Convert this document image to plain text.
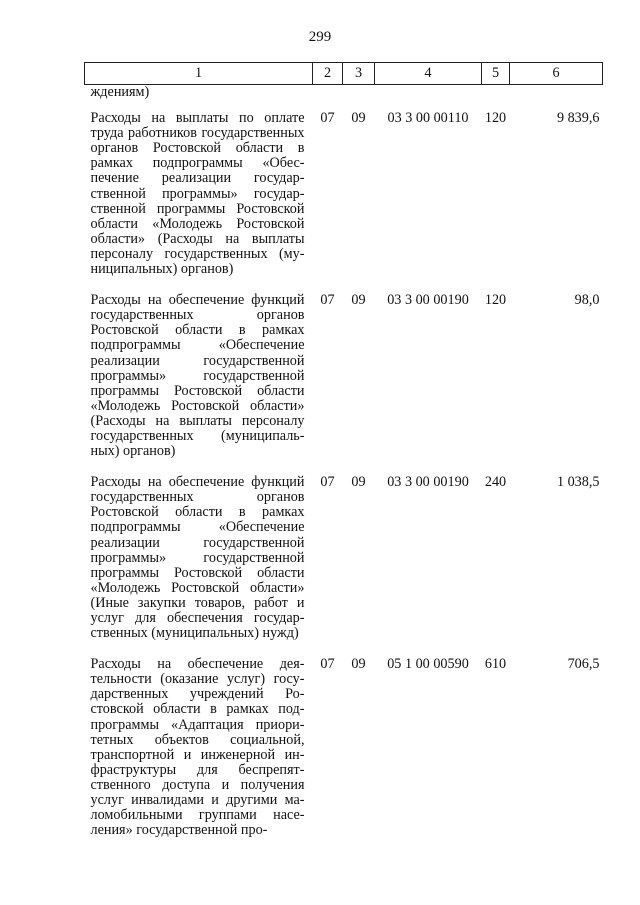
299
1	2	3	4	5	6
ждениям)					
Расходы на выплаты по оплате труда работников государственных органов Ростовской области в рамках подпрограммы «Обеспечение реализации государственной программы» государственной программы Ростовской области «Молодежь Ростовской области» (Расходы на выплаты персоналу государственных (муниципальных) органов)	07	09	03 3 00 00110	120	9 839,6
Расходы на обеспечение функций государственных органов Ростовской области в рамках подпрограммы «Обеспечение реализации государственной программы» государственной программы Ростовской области «Молодежь Ростовской области» (Расходы на выплаты персоналу государственных (муниципальных) органов)	07	09	03 3 00 00190	120	98,0
Расходы на обеспечение функций государственных органов Ростовской области в рамках подпрограммы «Обеспечение реализации государственной программы» государственной программы Ростовской области «Молодежь Ростовской области» (Иные закупки товаров, работ и услуг для обеспечения государственных (муниципальных) нужд)	07	09	03 3 00 00190	240	1 038,5
Расходы на обеспечение деятельности (оказание услуг) государственных учреждений Ростовской области в рамках подпрограммы «Адаптация приоритетных объектов социальной, транспортной и инженерной инфраструктуры для беспрепятственного доступа и получения услуг инвалидами и другими маломобильными группами населения» государственной про-	07	09	05 1 00 00590	610	706,5
